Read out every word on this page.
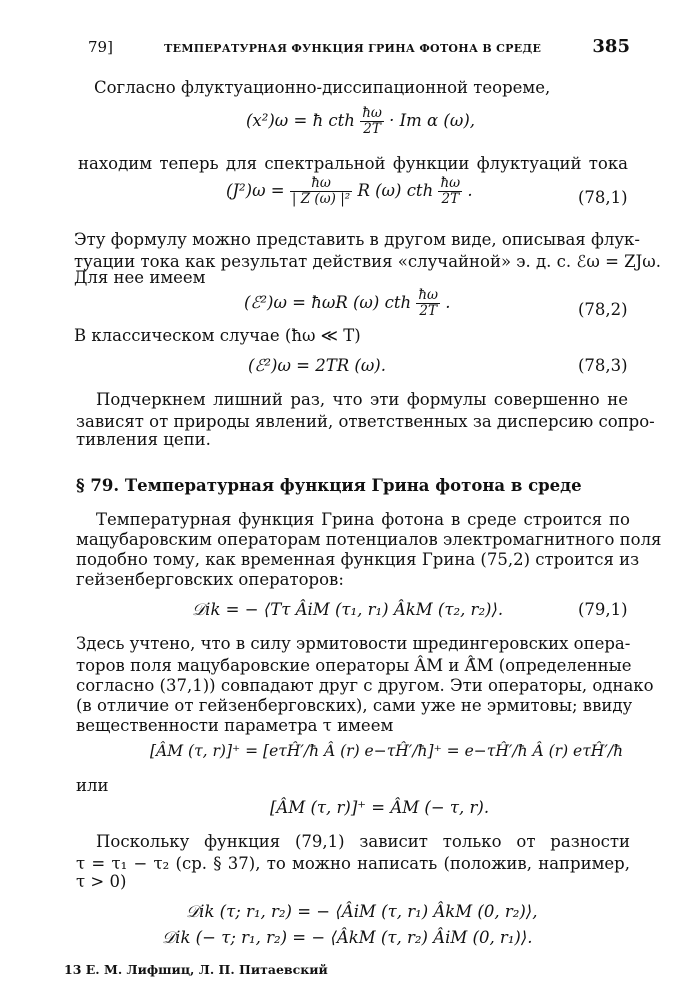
79]	ТЕМПЕРАТУРНАЯ ФУНКЦИЯ ГРИНА ФОТОНА В СРЕДЕ	385
Согласно флуктуационно-диссипационной теореме,
(x²)ω = ħ cth $\frac{ħ\omega}{2T} \cdot Im$ α (ω),
находим теперь для спектральной функции флуктуаций тока
$(J^2)\omega = \frac{ħ\omega}{\text{| Z (ω) |²}}$ R (ω) cth $\frac{ħ\omega}{2T}$ .	(78,1)
Эту формулу можно представить в другом виде, описывая флук-
туации тока как результат действия «случайной» э. д. с. ℰω = ZJω.
Для нее имеем
(ℰ²)ω = ħωR (ω) cth $\frac{ħ\omega}{2T}$ .	(78,2)
В классическом случае (ħω ≪ T)
(ℰ²)ω = 2TR (ω).	(78,3)
Подчеркнем лишний раз, что эти формулы совершенно не
зависят от природы явлений, ответственных за дисперсию сопро-
тивления цепи.
§ 79. Температурная функция Грина фотона в среде
Температурная функция Грина фотона в среде строится по
мацубаровским операторам потенциалов электромагнитного поля
подобно тому, как временная функция Грина (75,2) строится из
гейзенберговских операторов:
𝒟ik = − ⟨Tτ ÂiM (τ₁, r₁) ÂkM (τ₂, r₂)⟩.	(79,1)
Здесь учтено, что в силу эрмитовости шредингеровских опера-
торов поля мацубаровские операторы ÂM и Â̄M (определенные
согласно (37,1)) совпадают друг с другом. Эти операторы, однако
(в отличие от гейзенберговских), сами уже не эрмитовы; ввиду
вещественности параметра τ имеем
[ÂM (τ, r)]⁺ = [eτĤ′/ħ Â (r) e−τĤ′/ħ]⁺ = e−τĤ′/ħ Â (r) eτĤ′/ħ
или
[ÂM (τ, r)]⁺ = ÂM (− τ, r).
Поскольку функция (79,1) зависит только от разности
τ = τ₁ − τ₂ (ср. § 37), то можно написать (положив, например,
τ > 0)
𝒟ik (τ; r₁, r₂) = − ⟨ÂiM (τ, r₁) ÂkM (0, r₂)⟩,
𝒟ik (− τ; r₁, r₂) = − ⟨ÂkM (τ, r₂) ÂiM (0, r₁)⟩.
13 Е. М. Лифшиц, Л. П. Питаевский
